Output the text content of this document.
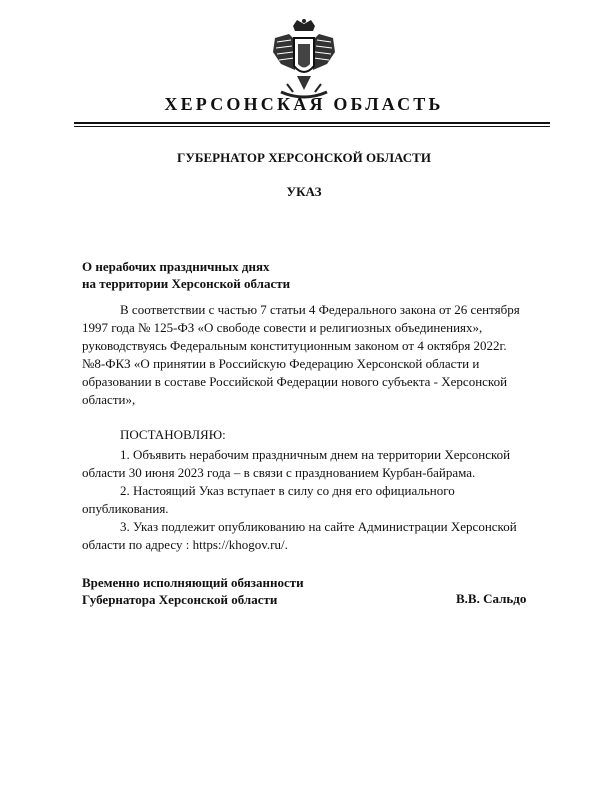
ХЕРСОНСКАЯ ОБЛАСТЬ
ГУБЕРНАТОР ХЕРСОНСКОЙ ОБЛАСТИ
УКАЗ
О нерабочих праздничных днях
на территории Херсонской области
В соответствии с частью 7 статьи 4 Федерального закона от 26 сентября
1997 года № 125-ФЗ «О свободе совести и религиозных объединениях»,
руководствуясь Федеральным конституционным законом от 4 октября 2022г.
№8-ФКЗ «О принятии в Российскую Федерацию Херсонской области и
образовании в составе Российской Федерации нового субъекта - Херсонской
области»,
ПОСТАНОВЛЯЮ:
1. Объявить нерабочим праздничным днем на территории Херсонской
области 30 июня 2023 года – в связи с празднованием Курбан-байрама.
2. Настоящий Указ вступает в силу со дня его официального
опубликования.
3. Указ подлежит опубликованию на сайте Администрации Херсонской
области по адресу : https://khogov.ru/.
Временно исполняющий обязанности
Губернатора Херсонской области	В.В. Сальдо
